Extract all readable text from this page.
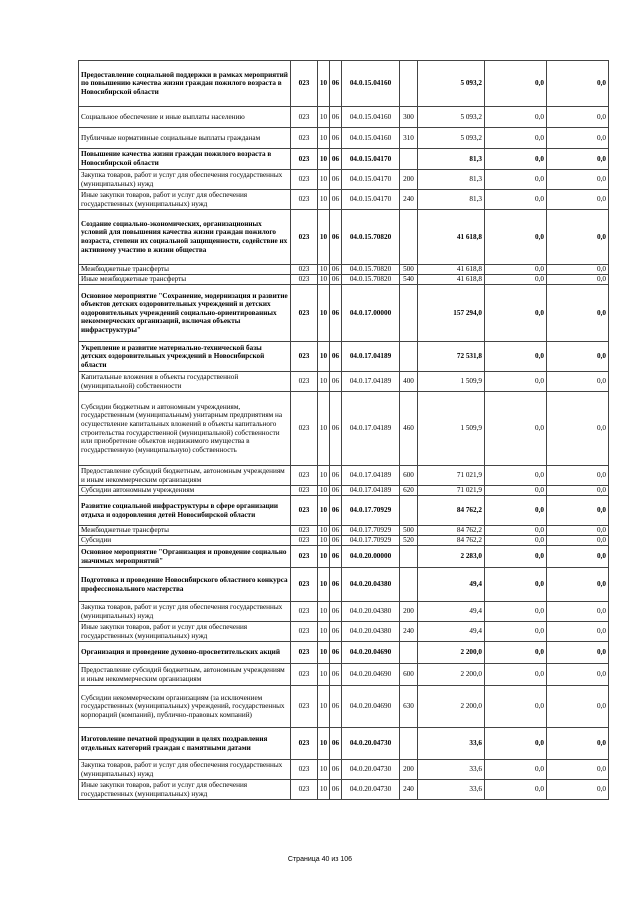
Предоставление социальной поддержки в рамках мероприятий по повышению качества жизни граждан пожилого возраста в Новосибирской области	023	10	06	04.0.15.04160		5 093,2	0,0	0,0
Социальное обеспечение и иные выплаты населению	023	10	06	04.0.15.04160	300	5 093,2	0,0	0,0
Публичные нормативные социальные выплаты гражданам	023	10	06	04.0.15.04160	310	5 093,2	0,0	0,0
Повышение качества жизни граждан пожилого возраста в Новосибирской области	023	10	06	04.0.15.04170		81,3	0,0	0,0
Закупка товаров, работ и услуг для обеспечения государственных (муниципальных) нужд	023	10	06	04.0.15.04170	200	81,3	0,0	0,0
Иные закупки товаров, работ и услуг для обеспечения государственных (муниципальных) нужд	023	10	06	04.0.15.04170	240	81,3	0,0	0,0
Создание социально-экономических, организационных условий для повышения качества жизни граждан пожилого возраста, степени их социальной защищенности, содействие их активному участию в жизни общества	023	10	06	04.0.15.70820		41 618,8	0,0	0,0
Межбюджетные трансферты	023	10	06	04.0.15.70820	500	41 618,8	0,0	0,0
Иные межбюджетные трансферты	023	10	06	04.0.15.70820	540	41 618,8	0,0	0,0
Основное мероприятие "Сохранение, модернизация и развитие объектов детских оздоровительных учреждений и детских оздоровительных учреждений социально-ориентированных некоммерческих организаций, включая объекты инфраструктуры"	023	10	06	04.0.17.00000		157 294,0	0,0	0,0
Укрепление и развитие материально-технической базы детских оздоровительных учреждений в Новосибирской области	023	10	06	04.0.17.04189		72 531,8	0,0	0,0
Капитальные вложения в объекты государственной (муниципальной) собственности	023	10	06	04.0.17.04189	400	1 509,9	0,0	0,0
Субсидии бюджетным и автономным учреждениям, государственным (муниципальным) унитарным предприятиям на осуществление капитальных вложений в объекты капитального строительства государственной (муниципальной) собственности или приобретение объектов недвижимого имущества в государственную (муниципальную) собственность	023	10	06	04.0.17.04189	460	1 509,9	0,0	0,0
Предоставление субсидий бюджетным, автономным учреждениям и иным некоммерческим организациям	023	10	06	04.0.17.04189	600	71 021,9	0,0	0,0
Субсидии автономным учреждениям	023	10	06	04.0.17.04189	620	71 021,9	0,0	0,0
Развитие социальной инфраструктуры в сфере организации отдыха и оздоровления детей Новосибирской области	023	10	06	04.0.17.70929		84 762,2	0,0	0,0
Межбюджетные трансферты	023	10	06	04.0.17.70929	500	84 762,2	0,0	0,0
Субсидии	023	10	06	04.0.17.70929	520	84 762,2	0,0	0,0
Основное мероприятие "Организация и проведение социально значимых мероприятий"	023	10	06	04.0.20.00000		2 283,0	0,0	0,0
Подготовка и проведение Новосибирского областного конкурса профессионального мастерства	023	10	06	04.0.20.04380		49,4	0,0	0,0
Закупка товаров, работ и услуг для обеспечения государственных (муниципальных) нужд	023	10	06	04.0.20.04380	200	49,4	0,0	0,0
Иные закупки товаров, работ и услуг для обеспечения государственных (муниципальных) нужд	023	10	06	04.0.20.04380	240	49,4	0,0	0,0
Организация и проведение духовно-просветительских акций	023	10	06	04.0.20.04690		2 200,0	0,0	0,0
Предоставление субсидий бюджетным, автономным учреждениям и иным некоммерческим организациям	023	10	06	04.0.20.04690	600	2 200,0	0,0	0,0
Субсидии некоммерческим организациям (за исключением государственных (муниципальных) учреждений, государственных корпораций (компаний), публично-правовых компаний)	023	10	06	04.0.20.04690	630	2 200,0	0,0	0,0
Изготовление печатной продукции в целях поздравления отдельных категорий граждан с памятными датами	023	10	06	04.0.20.04730		33,6	0,0	0,0
Закупка товаров, работ и услуг для обеспечения государственных (муниципальных) нужд	023	10	06	04.0.20.04730	200	33,6	0,0	0,0
Иные закупки товаров, работ и услуг для обеспечения государственных (муниципальных) нужд	023	10	06	04.0.20.04730	240	33,6	0,0	0,0
Страница 40 из 106
